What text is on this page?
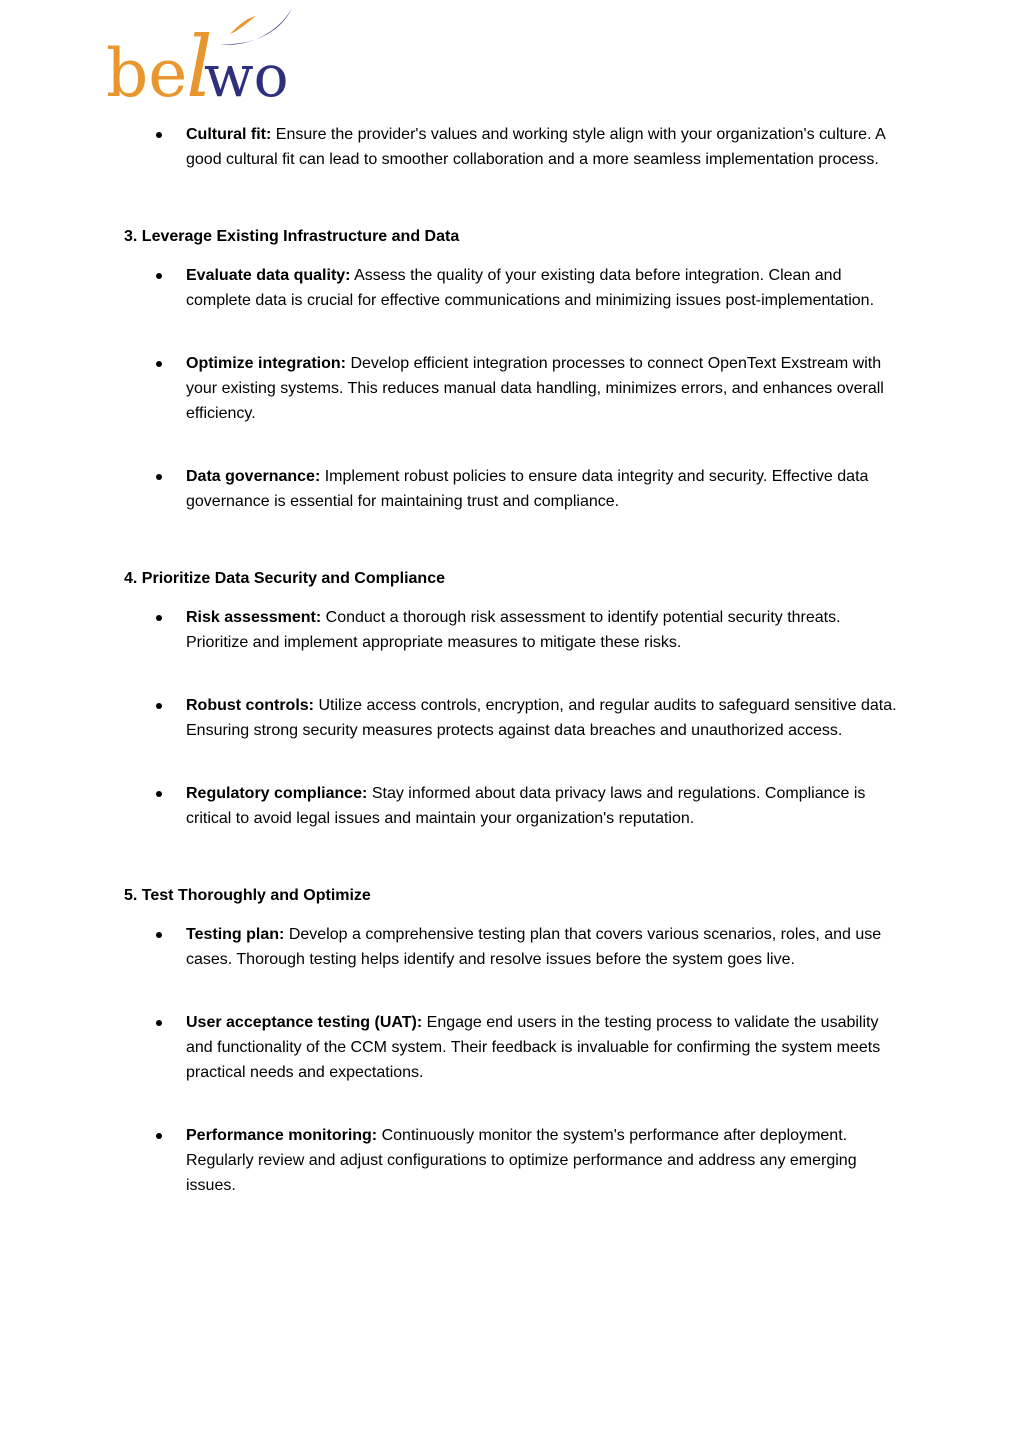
be
l
wo
Cultural fit: Ensure the provider's values and working style align with your organization's culture. A good cultural fit can lead to smoother collaboration and a more seamless implementation process.
3. Leverage Existing Infrastructure and Data
Evaluate data quality: Assess the quality of your existing data before integration. Clean and complete data is crucial for effective communications and minimizing issues post-implementation.
Optimize integration: Develop efficient integration processes to connect OpenText Exstream with your existing systems. This reduces manual data handling, minimizes errors, and enhances overall efficiency.
Data governance: Implement robust policies to ensure data integrity and security. Effective data governance is essential for maintaining trust and compliance.
4. Prioritize Data Security and Compliance
Risk assessment: Conduct a thorough risk assessment to identify potential security threats. Prioritize and implement appropriate measures to mitigate these risks.
Robust controls: Utilize access controls, encryption, and regular audits to safeguard sensitive data. Ensuring strong security measures protects against data breaches and unauthorized access.
Regulatory compliance: Stay informed about data privacy laws and regulations. Compliance is critical to avoid legal issues and maintain your organization's reputation.
5. Test Thoroughly and Optimize
Testing plan: Develop a comprehensive testing plan that covers various scenarios, roles, and use cases. Thorough testing helps identify and resolve issues before the system goes live.
User acceptance testing (UAT): Engage end users in the testing process to validate the usability and functionality of the CCM system. Their feedback is invaluable for confirming the system meets practical needs and expectations.
Performance monitoring: Continuously monitor the system's performance after deployment. Regularly review and adjust configurations to optimize performance and address any emerging issues.
